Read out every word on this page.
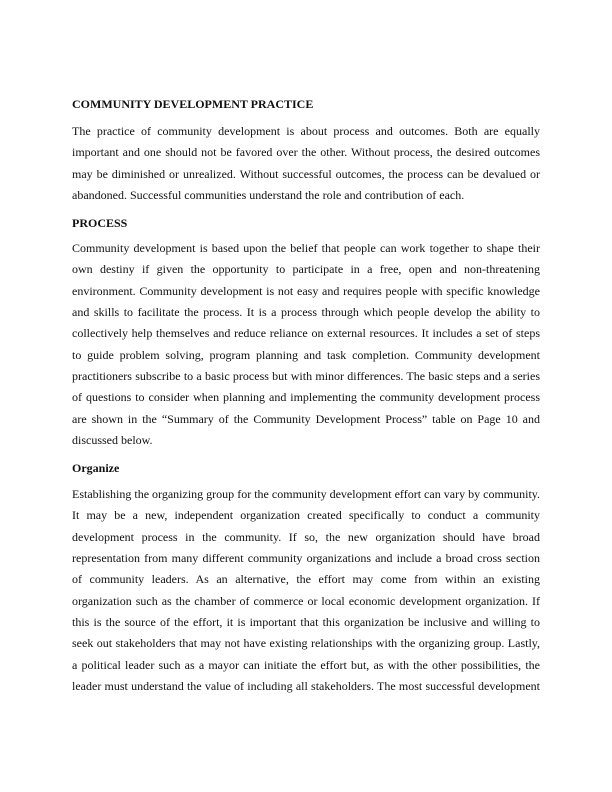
COMMUNITY DEVELOPMENT PRACTICE

The practice of community development is about process and outcomes. Both are equally important and one should not be favored over the other. Without process, the desired outcomes may be diminished or unrealized. Without successful outcomes, the process can be devalued or abandoned. Successful communities understand the role and contribution of each.

PROCESS

Community development is based upon the belief that people can work together to shape their own destiny if given the opportunity to participate in a free, open and non-threatening environment. Community development is not easy and requires people with specific knowledge and skills to facilitate the process. It is a process through which people develop the ability to collectively help themselves and reduce reliance on external resources. It includes a set of steps to guide problem solving, program planning and task completion. Community development practitioners subscribe to a basic process but with minor differences. The basic steps and a series of questions to consider when planning and implementing the community development process are shown in the “Summary of the Community Development Process” table on Page 10 and discussed below.

Organize

Establishing the organizing group for the community development effort can vary by community. It may be a new, independent organization created specifically to conduct a community development process in the community. If so, the new organization should have broad representation from many different community organizations and include a broad cross section of community leaders. As an alternative, the effort may come from within an existing organization such as the chamber of commerce or local economic development organization. If this is the source of the effort, it is important that this organization be inclusive and willing to seek out stakeholders that may not have existing relationships with the organizing group. Lastly, a political leader such as a mayor can initiate the effort but, as with the other possibilities, the leader must understand the value of including all stakeholders. The most successful development
